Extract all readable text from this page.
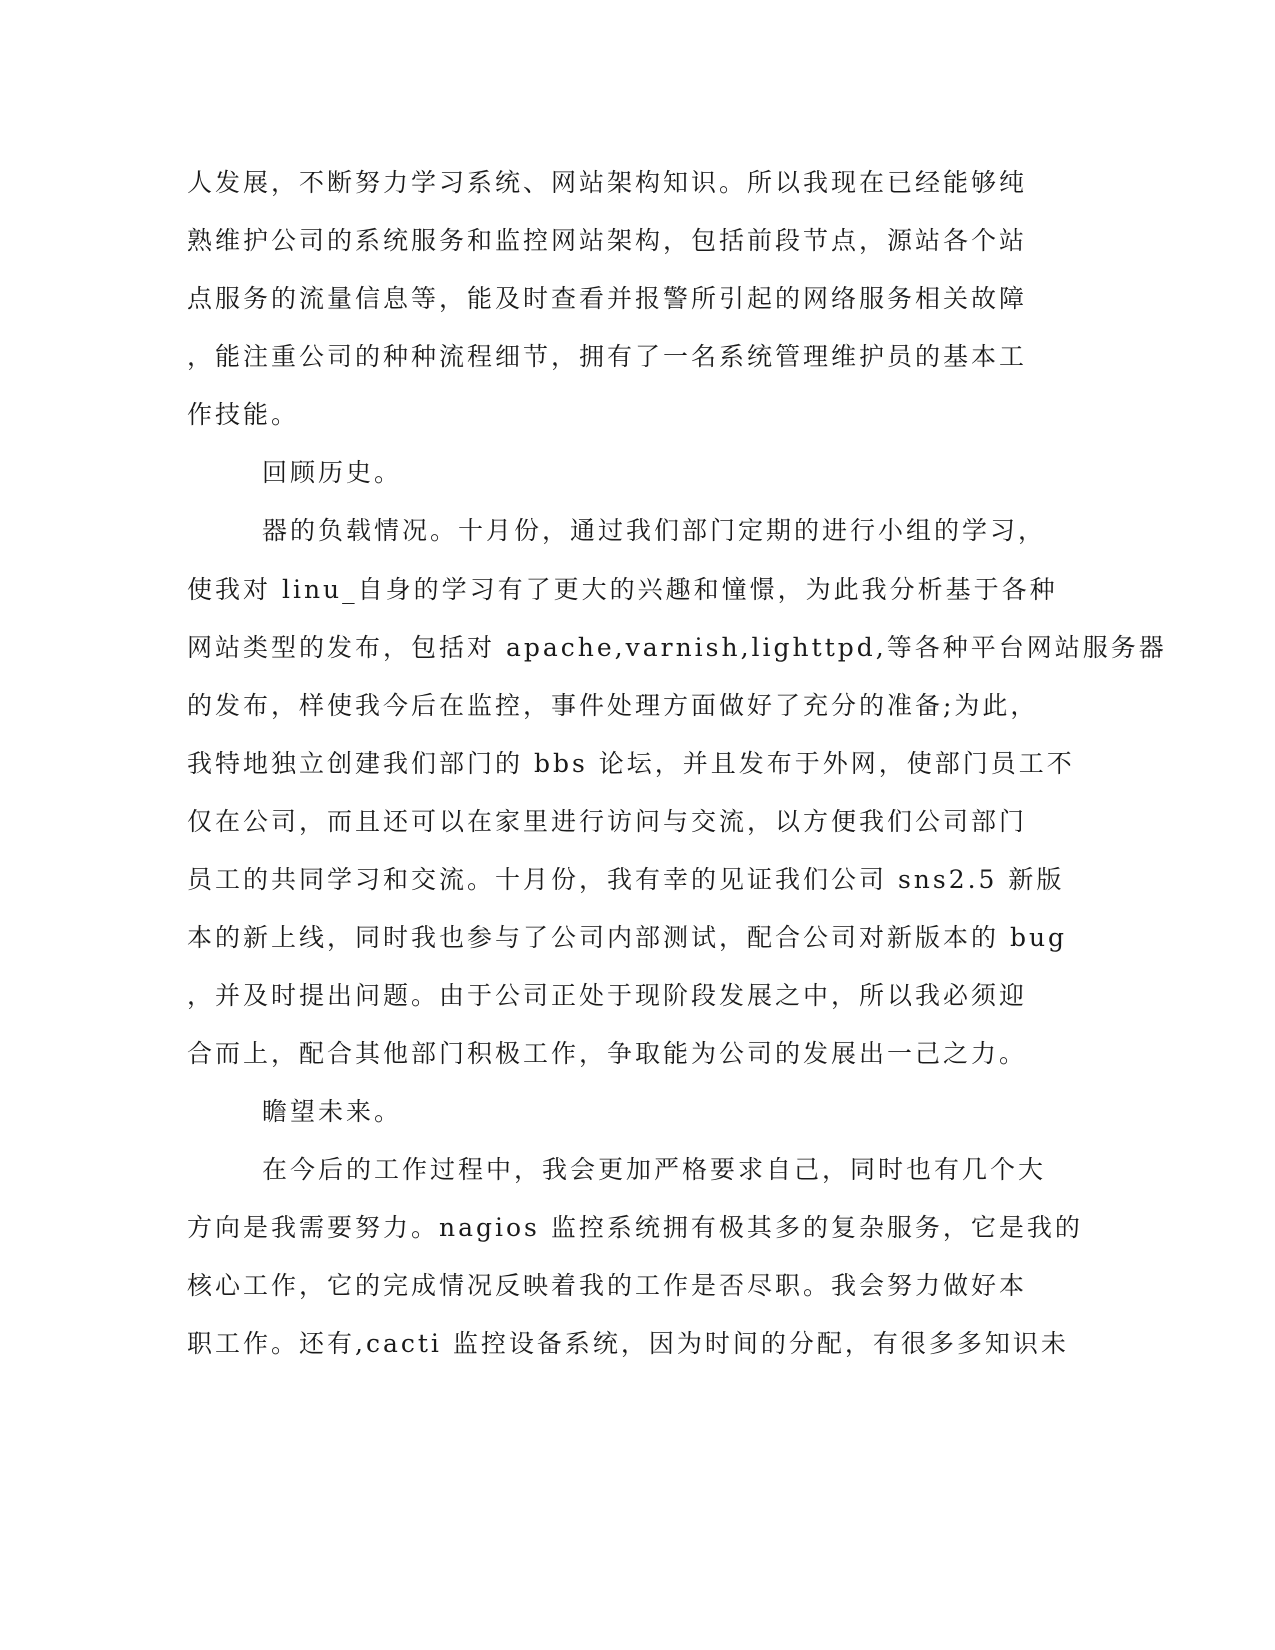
人发展，不断努力学习系统、网站架构知识。所以我现在已经能够纯
熟维护公司的系统服务和监控网站架构，包括前段节点，源站各个站
点服务的流量信息等，能及时查看并报警所引起的网络服务相关故障
，能注重公司的种种流程细节，拥有了一名系统管理维护员的基本工
作技能。
回顾历史。
器的负载情况。十月份，通过我们部门定期的进行小组的学习，
使我对 linu_自身的学习有了更大的兴趣和憧憬，为此我分析基于各种
网站类型的发布，包括对 apache,varnish,lighttpd,等各种平台网站服务器
的发布，样使我今后在监控，事件处理方面做好了充分的准备;为此，
我特地独立创建我们部门的 bbs 论坛，并且发布于外网，使部门员工不
仅在公司，而且还可以在家里进行访问与交流，以方便我们公司部门
员工的共同学习和交流。十月份，我有幸的见证我们公司 sns2.5 新版
本的新上线，同时我也参与了公司内部测试，配合公司对新版本的 bug
，并及时提出问题。由于公司正处于现阶段发展之中，所以我必须迎
合而上，配合其他部门积极工作，争取能为公司的发展出一己之力。
瞻望未来。
在今后的工作过程中，我会更加严格要求自己，同时也有几个大
方向是我需要努力。nagios 监控系统拥有极其多的复杂服务，它是我的
核心工作，它的完成情况反映着我的工作是否尽职。我会努力做好本
职工作。还有,cacti 监控设备系统，因为时间的分配，有很多多知识未
